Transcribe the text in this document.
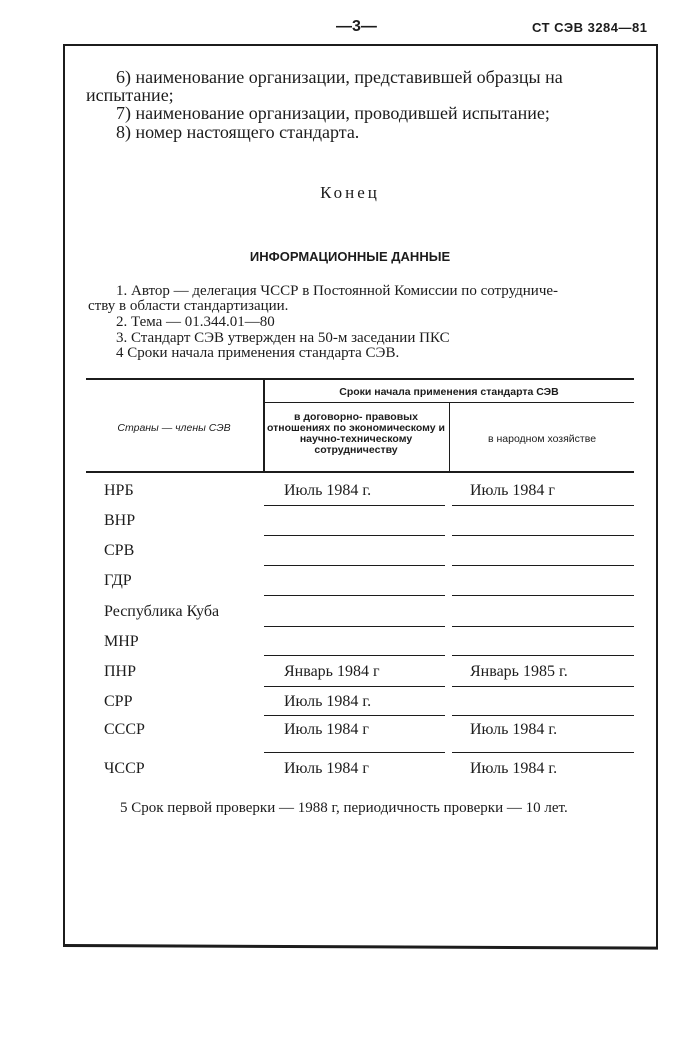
—3—	СТ СЭВ 3284—81
6) наименование организации, представившей образцы на
испытание;
7) наименование организации, проводившей испытание;
8) номер настоящего стандарта.
Конец
ИНФОРМАЦИОННЫЕ ДАННЫЕ
1. Автор — делегация ЧССР в Постоянной Комиссии по сотрудниче-
ству в области стандартизации.
2. Тема — 01.344.01—80
3. Стандарт СЭВ утвержден на 50-м заседании ПКС
4 Сроки начала применения стандарта СЭВ.
Страны — члены СЭВ
Сроки начала применения стандарта СЭВ
в договорно- правовых отношениях по экономическому и научно-техническому сотрудничеству
в народном хозяйстве
НРБ	Июль 1984 г.	Июль 1984 г
ВНР
СРВ
ГДР
Республика Куба
МНР
ПНР	Январь 1984 г	Январь 1985 г.
СРР	Июль 1984 г.
СССР	Июль 1984 г	Июль 1984 г.
ЧССР	Июль 1984 г	Июль 1984 г.
5 Срок первой проверки — 1988 г, периодичность проверки — 10 лет.
